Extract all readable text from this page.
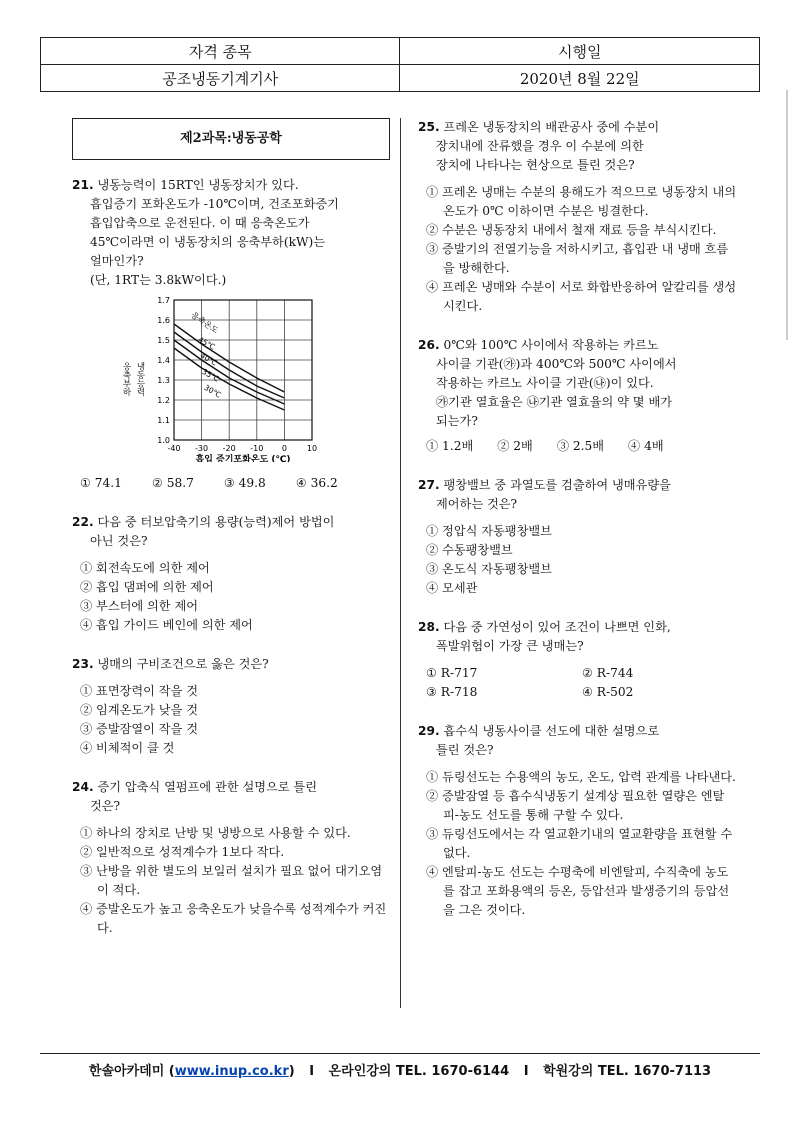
자격 종목	시행일
공조냉동기계기사	2020년 8월 22일
제2과목:냉동공학
21. 냉동능력이 15RT인 냉동장치가 있다.
흡입증기 포화온도가 -10℃이며, 건조포화증기
흡입압축으로 운전된다. 이 때 응축온도가
45℃이라면 이 냉동장치의 응축부하(kW)는
얼마인가?
(단, 1RT는 3.8kW이다.)
-40 -30 -20 -10 0 10
1.0
1.1
1.2
1.3
1.4
1.5
1.6
1.7
45℃
40℃
35℃
30℃
응축온도
흡입 증기포화온도 (℃)
응축부하 냉동능력
① 74.1 ② 58.7 ③ 49.8 ④ 36.2
22. 다음 중 터보압축기의 용량(능력)제어 방법이
아닌 것은?
① 회전속도에 의한 제어
② 흡입 댐퍼에 의한 제어
③ 부스터에 의한 제어
④ 흡입 가이드 베인에 의한 제어
23. 냉매의 구비조건으로 옳은 것은?
① 표면장력이 작을 것
② 임계온도가 낮을 것
③ 증발잠열이 작을 것
④ 비체적이 클 것
24. 증기 압축식 열펌프에 관한 설명으로 틀린
것은?
① 하나의 장치로 난방 및 냉방으로 사용할 수 있다.
② 일반적으로 성적계수가 1보다 작다.
③ 난방을 위한 별도의 보일러 설치가 필요 없어 대기오염이 적다.
④ 증발온도가 높고 응축온도가 낮을수록 성적계수가 커진다.
25. 프레온 냉동장치의 배관공사 중에 수분이
장치내에 잔류했을 경우 이 수분에 의한
장치에 나타나는 현상으로 틀린 것은?
① 프레온 냉매는 수분의 용해도가 적으므로 냉동장치 내의 온도가 0℃ 이하이면 수분은 빙결한다.
② 수분은 냉동장치 내에서 철재 재료 등을 부식시킨다.
③ 증발기의 전열기능을 저하시키고, 흡입관 내 냉매 흐름을 방해한다.
④ 프레온 냉매와 수분이 서로 화합반응하여 알칼리를 생성시킨다.
26. 0℃와 100℃ 사이에서 작용하는 카르노
사이클 기관(㉮)과 400℃와 500℃ 사이에서
작용하는 카르노 사이클 기관(㉯)이 있다.
㉮기관 열효율은 ㉯기관 열효율의 약 몇 배가
되는가?
① 1.2배 ② 2배 ③ 2.5배 ④ 4배
27. 팽창밸브 중 과열도를 검출하여 냉매유량을
제어하는 것은?
① 정압식 자동팽창밸브
② 수동팽창밸브
③ 온도식 자동팽창밸브
④ 모세관
28. 다음 중 가연성이 있어 조건이 나쁘면 인화,
폭발위험이 가장 큰 냉매는?
① R-717	② R-744
③ R-718	④ R-502
29. 흡수식 냉동사이클 선도에 대한 설명으로
틀린 것은?
① 듀링선도는 수용액의 농도, 온도, 압력 관계를 나타낸다.
② 증발잠열 등 흡수식냉동기 설계상 필요한 열량은 엔탈피-농도 선도를 통해 구할 수 있다.
③ 듀링선도에서는 각 열교환기내의 열교환량을 표현할 수 없다.
④ 엔탈피-농도 선도는 수평축에 비엔탈피, 수직축에 농도를 잡고 포화용액의 등온, 등압선과 발생증기의 등압선을 그은 것이다.
한솔아카데미 (www.inup.co.kr) I 온라인강의 TEL. 1670-6144 I 학원강의 TEL. 1670-7113
